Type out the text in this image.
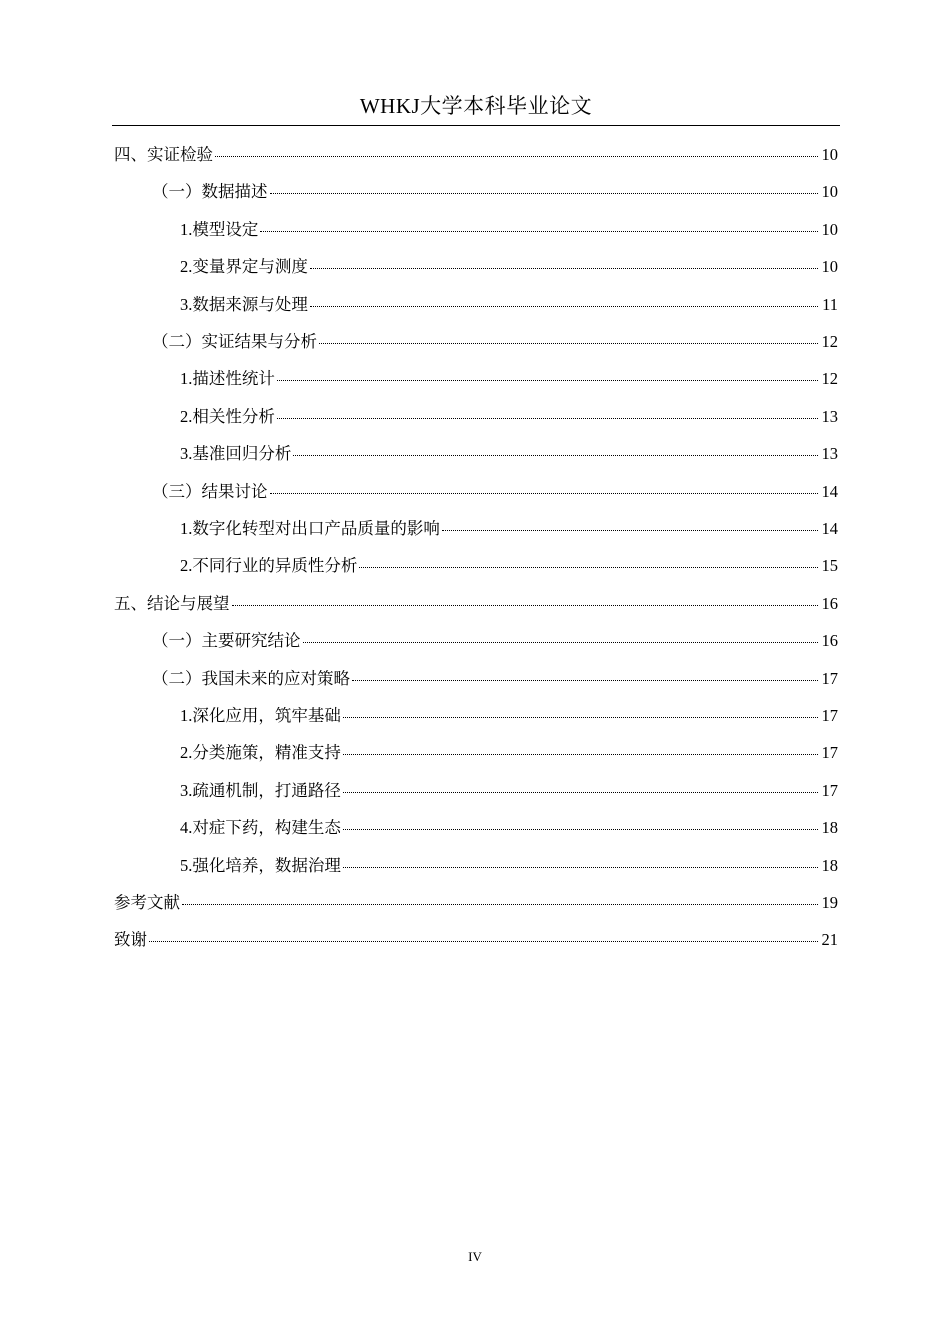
WHKJ大学本科毕业论文
四、实证检验	10
（一）数据描述	10
1.模型设定	10
2.变量界定与测度	10
3.数据来源与处理	11
（二）实证结果与分析	12
1.描述性统计	12
2.相关性分析	13
3.基准回归分析	13
（三）结果讨论	14
1.数字化转型对出口产品质量的影响	14
2.不同行业的异质性分析	15
五、结论与展望	16
（一）主要研究结论	16
（二）我国未来的应对策略	17
1.深化应用，筑牢基础	17
2.分类施策，精准支持	17
3.疏通机制，打通路径	17
4.对症下药，构建生态	18
5.强化培养，数据治理	18
参考文献	19
致谢	21
IV
